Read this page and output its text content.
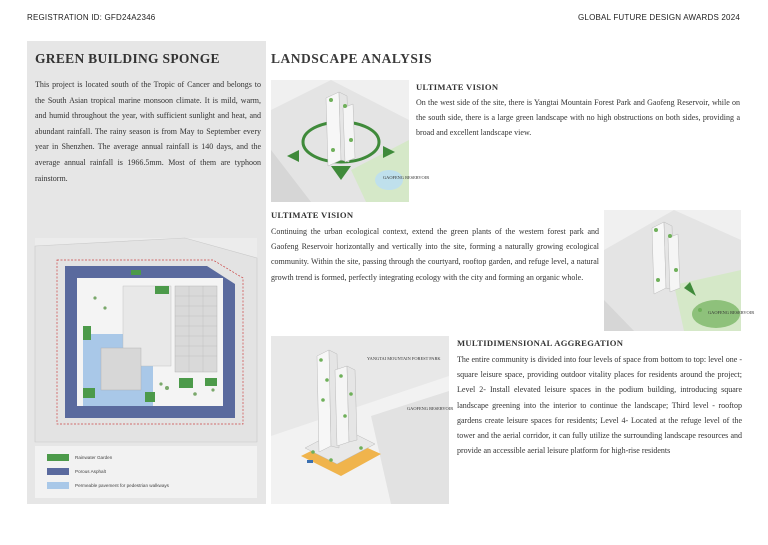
REGISTRATION ID: GFD24A2346	GLOBAL FUTURE DESIGN AWARDS 2024
GREEN BUILDING SPONGE
This project is located south of the Tropic of Cancer and belongs to the South Asian tropical marine monsoon climate. It is mild, warm, and humid throughout the year, with sufficient sunlight and heat, and abundant rainfall. The rainy season is from May to September every year in Shenzhen. The average annual rainfall is 140 days, and the average annual rainfall is 1966.5mm. Most of them are typhoon rainstorm.
Rainwater Garden
Porous Asphalt
Permeable pavement for pedestrian walkways
LANDSCAPE ANALYSIS
GAOFENG RESERVOIR
ULTIMATE VISION
On the west side of the site, there is Yangtai Mountain Forest Park and Gaofeng Reservoir, while on the south side, there is a large green landscape with no high obstructions on both sides, providing a broad and excellent landscape view.
ULTIMATE VISION
Continuing the urban ecological context, extend the green plants of the western forest park and Gaofeng Reservoir horizontally and vertically into the site, forming a naturally growing ecological community. Within the site, passing through the courtyard, rooftop garden, and refuge level, a natural growth trend is formed, perfectly integrating ecology with the city and forming an organic whole.
GAOFENG RESERVOIR
YANGTAI MOUNTAIN FOREST PARK
GAOFENG RESERVOIR
MULTIDIMENSIONAL AGGREGATION
The entire community is divided into four levels of space from bottom to top: level one - square leisure space, providing outdoor vitality places for residents around the project; Level 2- Install elevated leisure spaces in the podium building, introducing square landscape greening into the interior to continue the landscape; Third level - rooftop gardens create leisure spaces for residents; Level 4- Located at the refuge level of the tower and the aerial corridor, it can fully utilize the surrounding landscape resources and provide an accessible aerial leisure platform for high-rise residents
